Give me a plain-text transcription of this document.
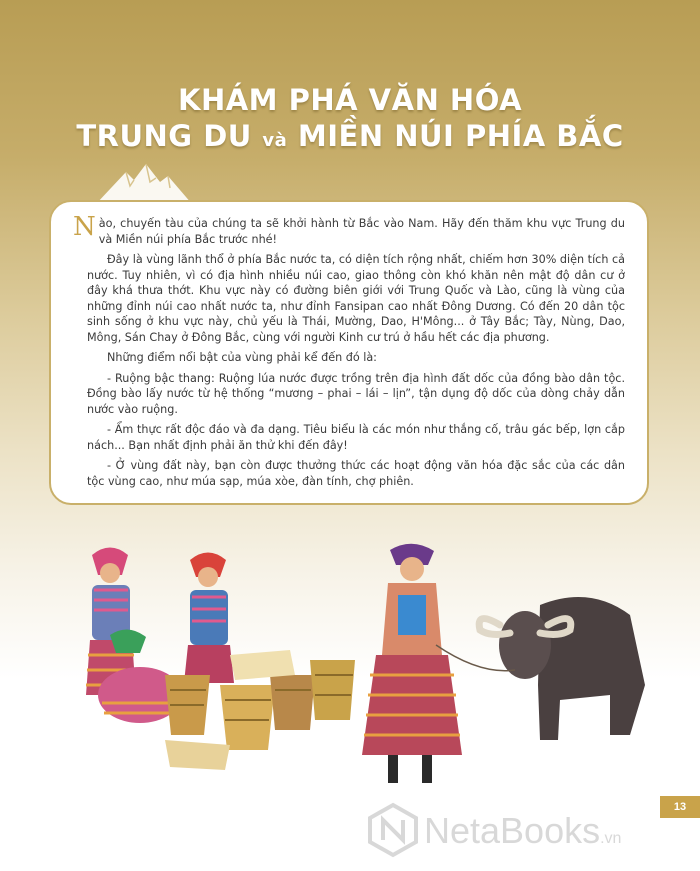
KHÁM PHÁ VĂN HÓA
TRUNG DU và MIỀN NÚI PHÍA BẮC

Nào, chuyến tàu của chúng ta sẽ khởi hành từ Bắc vào Nam. Hãy đến thăm khu vực Trung du và Miền núi phía Bắc trước nhé!

Đây là vùng lãnh thổ ở phía Bắc nước ta, có diện tích rộng nhất, chiếm hơn 30% diện tích cả nước. Tuy nhiên, vì có địa hình nhiều núi cao, giao thông còn khó khăn nên mật độ dân cư ở đây khá thưa thớt. Khu vực này có đường biên giới với Trung Quốc và Lào, cũng là vùng của những đỉnh núi cao nhất nước ta, như đỉnh Fansipan cao nhất Đông Dương. Có đến 20 dân tộc sinh sống ở khu vực này, chủ yếu là Thái, Mường, Dao, H'Mông... ở Tây Bắc; Tày, Nùng, Dao, Mông, Sán Chay ở Đông Bắc, cùng với người Kinh cư trú ở hầu hết các địa phương.

Những điểm nổi bật của vùng phải kể đến đó là:

- Ruộng bậc thang: Ruộng lúa nước được trồng trên địa hình đất dốc của đồng bào dân tộc. Đồng bào lấy nước từ hệ thống “mương – phai – lái – lịn”, tận dụng độ dốc của dòng chảy dẫn nước vào ruộng.

- Ẩm thực rất độc đáo và đa dạng. Tiêu biểu là các món như thắng cố, trâu gác bếp, lợn cắp nách... Bạn nhất định phải ăn thử khi đến đây!

- Ở vùng đất này, bạn còn được thưởng thức các hoạt động văn hóa đặc sắc của các dân tộc vùng cao, như múa sạp, múa xòe, đàn tính, chợ phiên.

13
NetaBooks.vn
